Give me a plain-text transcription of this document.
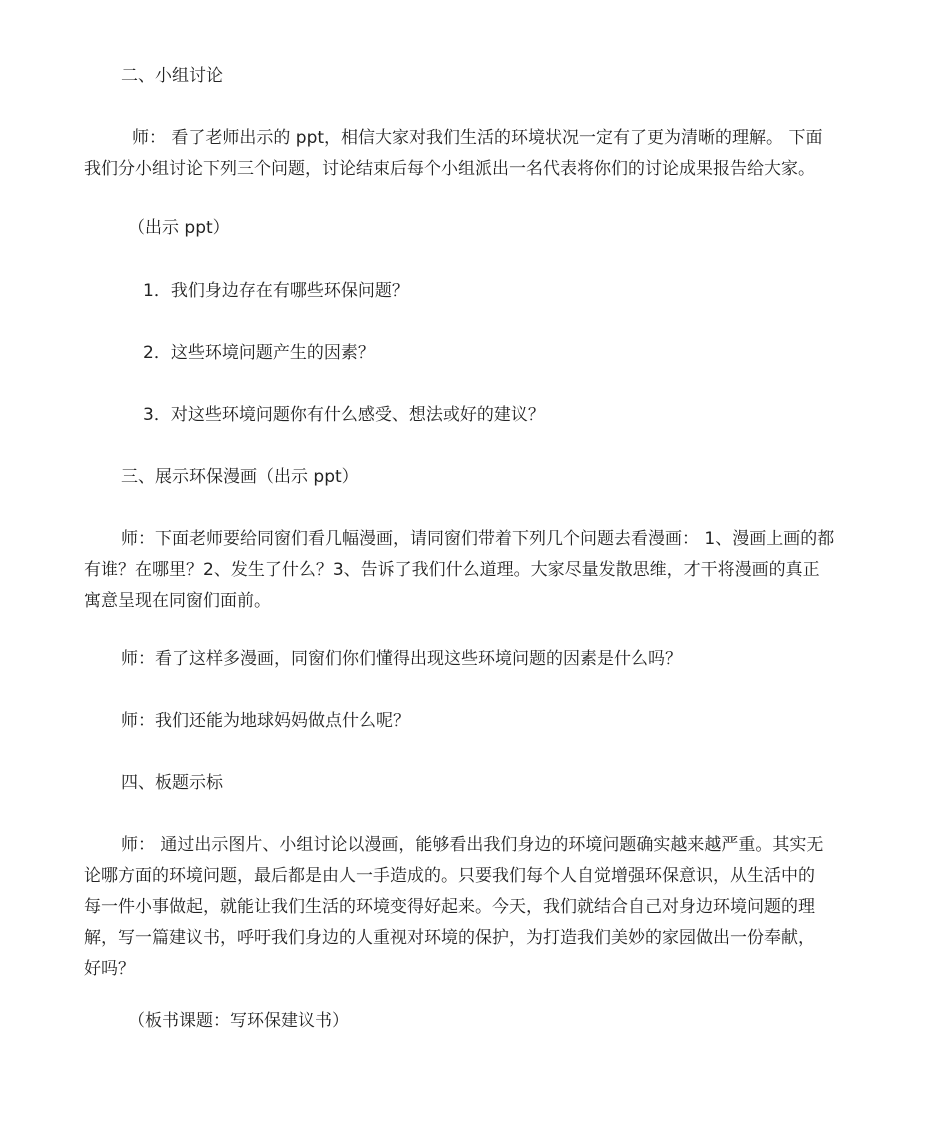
二、小组讨论

师： 看了老师出示的 ppt，相信大家对我们生活的环境状况一定有了更为清晰的理解。 下面
我们分小组讨论下列三个问题，讨论结束后每个小组派出一名代表将你们的讨论成果报告给大家。

（出示 ppt）

1．我们身边存在有哪些环保问题？

2．这些环境问题产生的因素？

3．对这些环境问题你有什么感受、想法或好的建议？

三、展示环保漫画（出示 ppt）

师：下面老师要给同窗们看几幅漫画，请同窗们带着下列几个问题去看漫画： 1、漫画上画的都
有谁？在哪里？2、发生了什么？3、告诉了我们什么道理。大家尽量发散思维，才干将漫画的真正
寓意呈现在同窗们面前。

师：看了这样多漫画，同窗们你们懂得出现这些环境问题的因素是什么吗？

师：我们还能为地球妈妈做点什么呢？

四、板题示标

师： 通过出示图片、小组讨论以漫画，能够看出我们身边的环境问题确实越来越严重。其实无
论哪方面的环境问题，最后都是由人一手造成的。只要我们每个人自觉增强环保意识，从生活中的
每一件小事做起，就能让我们生活的环境变得好起来。今天，我们就结合自己对身边环境问题的理
解，写一篇建议书，呼吁我们身边的人重视对环境的保护，为打造我们美妙的家园做出一份奉献，
好吗？

（板书课题：写环保建议书）
